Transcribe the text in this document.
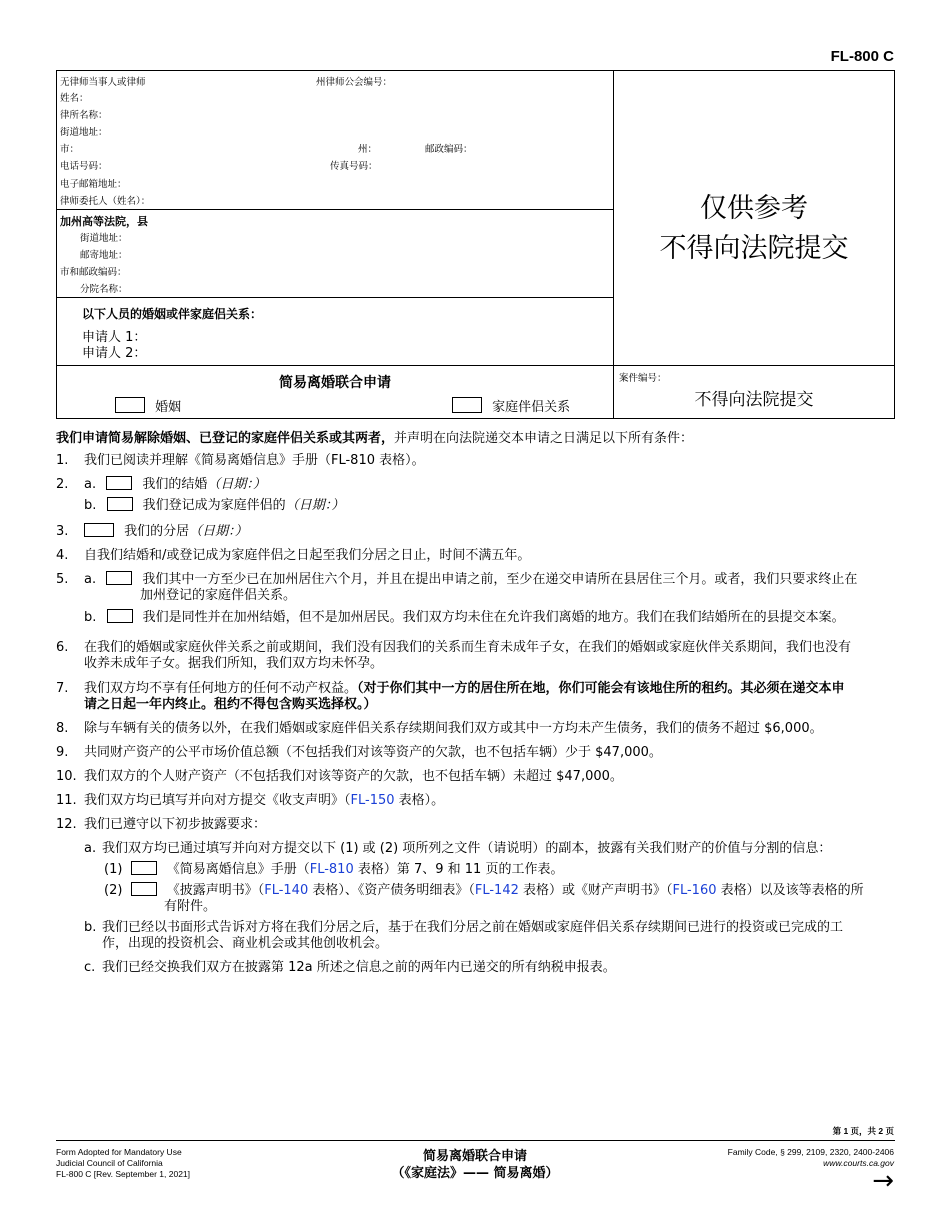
FL-800 C
无律师当事人或律师	州律师公会编号：
姓名：
律所名称：
街道地址：
市：	州：	邮政编码：
电话号码：	传真号码：
电子邮箱地址：
律师委托人（姓名）：
加州高等法院，县
街道地址：
邮寄地址：
市和邮政编码：
分院名称：
以下人员的婚姻或伴家庭侣关系：
申请人 1：
申请人 2：
仅供参考
不得向法院提交
简易离婚联合申请
婚姻	家庭伴侣关系
案件编号：
不得向法院提交
我们申请简易解除婚姻、已登记的家庭伴侣关系或其两者，并声明在向法院递交本申请之日满足以下所有条件：
1. 我们已阅读并理解《简易离婚信息》手册（FL-810 表格）。
2. a.	我们的结婚（日期：）
b.	我们登记成为家庭伴侣的（日期：）
3.	我们的分居（日期：）
4. 自我们结婚和/或登记成为家庭伴侣之日起至我们分居之日止，时间不满五年。
5. a.	我们其中一方至少已在加州居住六个月，并且在提出申请之前，至少在递交申请所在县居住三个月。或者，我们只要求终止在
加州登记的家庭伴侣关系。
b.	我们是同性并在加州结婚，但不是加州居民。我们双方均未住在允许我们离婚的地方。我们在我们结婚所在的县提交本案。
6. 在我们的婚姻或家庭伙伴关系之前或期间，我们没有因我们的关系而生育未成年子女，在我们的婚姻或家庭伙伴关系期间，我们也没有
收养未成年子女。据我们所知，我们双方均未怀孕。
7. 我们双方均不享有任何地方的任何不动产权益。（对于你们其中一方的居住所在地，你们可能会有该地住所的租约。其必须在递交本申
请之日起一年内终止。租约不得包含购买选择权。）
8. 除与车辆有关的债务以外，在我们婚姻或家庭伴侣关系存续期间我们双方或其中一方均未产生债务，我们的债务不超过 $6,000。
9. 共同财产资产的公平市场价值总额（不包括我们对该等资产的欠款，也不包括车辆）少于 $47,000。
10. 我们双方的个人财产资产（不包括我们对该等资产的欠款，也不包括车辆）未超过 $47,000。
11. 我们双方均已填写并向对方提交《收支声明》（FL-150 表格）。
12. 我们已遵守以下初步披露要求：
a. 我们双方均已通过填写并向对方提交以下 (1) 或 (2) 项所列之文件（请说明）的副本，披露有关我们财产的价值与分割的信息：
(1)	《简易离婚信息》手册（FL-810 表格）第 7、9 和 11 页的工作表。
(2)	《披露声明书》（FL-140 表格）、《资产债务明细表》（FL-142 表格）或《财产声明书》（FL-160 表格）以及该等表格的所
有附件。
b. 我们已经以书面形式告诉对方将在我们分居之后，基于在我们分居之前在婚姻或家庭伴侣关系存续期间已进行的投资或已完成的工
作，出现的投资机会、商业机会或其他创收机会。
c. 我们已经交换我们双方在披露第 12a 所述之信息之前的两年内已递交的所有纳税申报表。
第 1 页，共 2 页
Form Adopted for Mandatory Use
Judicial Council of California
FL-800 C [Rev. September 1, 2021]
简易离婚联合申请
（《家庭法》—— 简易离婚）
Family Code, § 299, 2109, 2320, 2400-2406
www.courts.ca.gov
→
